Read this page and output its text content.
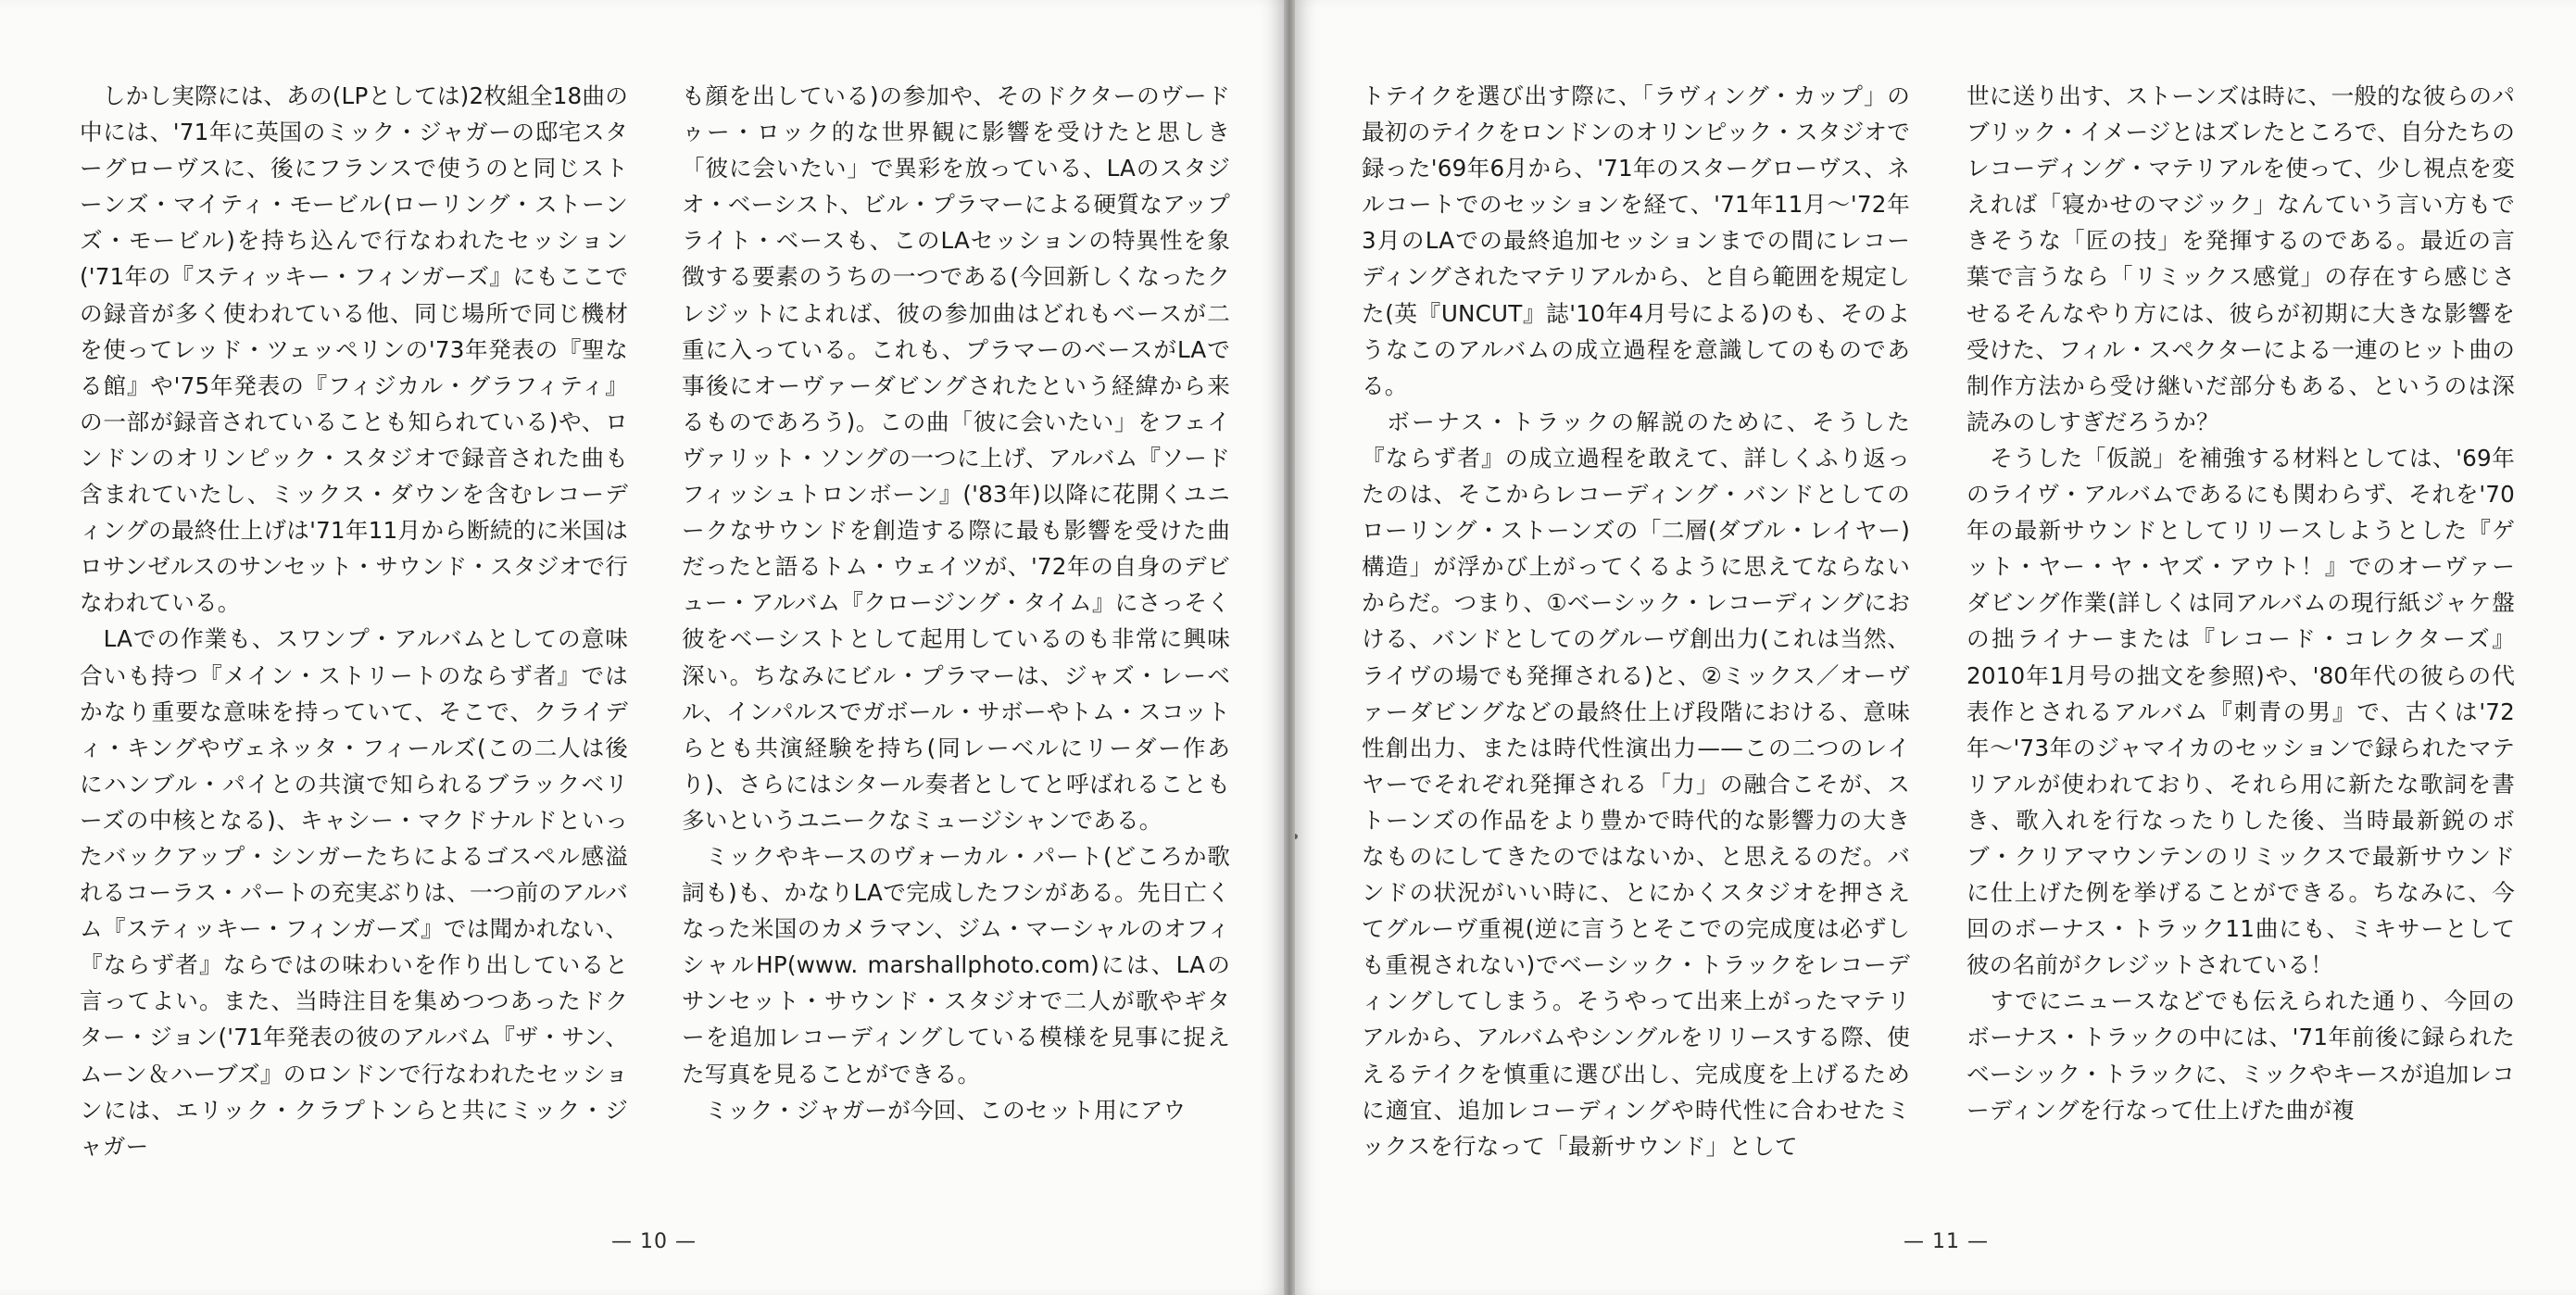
　しかし実際には、あの(LPとしては)2枚組全18曲の中には、'71年に英国のミック・ジャガーの邸宅スターグローヴスに、後にフランスで使うのと同じストーンズ・マイティ・モービル(ローリング・ストーンズ・モービル)を持ち込んで行なわれたセッション('71年の『スティッキー・フィンガーズ』にもここでの録音が多く使われている他、同じ場所で同じ機材を使ってレッド・ツェッペリンの'73年発表の『聖なる館』や'75年発表の『フィジカル・グラフィティ』の一部が録音されていることも知られている)や、ロンドンのオリンピック・スタジオで録音された曲も含まれていたし、ミックス・ダウンを含むレコーディングの最終仕上げは'71年11月から断続的に米国はロサンゼルスのサンセット・サウンド・スタジオで行なわれている。

　LAでの作業も、スワンプ・アルバムとしての意味合いも持つ『メイン・ストリートのならず者』ではかなり重要な意味を持っていて、そこで、クライディ・キングやヴェネッタ・フィールズ(この二人は後にハンブル・パイとの共演で知られるブラックベリーズの中核となる)、キャシー・マクドナルドといったバックアップ・シンガーたちによるゴスペル感溢れるコーラス・パートの充実ぶりは、一つ前のアルバム『スティッキー・フィンガーズ』では聞かれない、『ならず者』ならではの味わいを作り出していると言ってよい。また、当時注目を集めつつあったドクター・ジョン('71年発表の彼のアルバム『ザ・サン、ムーン＆ハーブズ』のロンドンで行なわれたセッションには、エリック・クラプトンらと共にミック・ジャガー

も顔を出している)の参加や、そのドクターのヴードゥー・ロック的な世界観に影響を受けたと思しき「彼に会いたい」で異彩を放っている、LAのスタジオ・ベーシスト、ビル・プラマーによる硬質なアップライト・ベースも、このLAセッションの特異性を象徴する要素のうちの一つである(今回新しくなったクレジットによれば、彼の参加曲はどれもベースが二重に入っている。これも、プラマーのベースがLAで事後にオーヴァーダビングされたという経緯から来るものであろう)。この曲「彼に会いたい」をフェイヴァリット・ソングの一つに上げ、アルバム『ソードフィッシュトロンボーン』('83年)以降に花開くユニークなサウンドを創造する際に最も影響を受けた曲だったと語るトム・ウェイツが、'72年の自身のデビュー・アルバム『クロージング・タイム』にさっそく彼をベーシストとして起用しているのも非常に興味深い。ちなみにビル・プラマーは、ジャズ・レーベル、インパルスでガボール・サボーやトム・スコットらとも共演経験を持ち(同レーベルにリーダー作あり)、さらにはシタール奏者としてと呼ばれることも多いというユニークなミュージシャンである。

　ミックやキースのヴォーカル・パート(どころか歌詞も)も、かなりLAで完成したフシがある。先日亡くなった米国のカメラマン、ジム・マーシャルのオフィシャルHP(www. marshallphoto.com)には、LAのサンセット・サウンド・スタジオで二人が歌やギターを追加レコーディングしている模様を見事に捉えた写真を見ることができる。

　ミック・ジャガーが今回、このセット用にアウ

— 10 —

トテイクを選び出す際に、「ラヴィング・カップ」の最初のテイクをロンドンのオリンピック・スタジオで録った'69年6月から、'71年のスターグローヴス、ネルコートでのセッションを経て、'71年11月〜'72年3月のLAでの最終追加セッションまでの間にレコーディングされたマテリアルから、と自ら範囲を規定した(英『UNCUT』誌'10年4月号による)のも、そのようなこのアルバムの成立過程を意識してのものである。

　ボーナス・トラックの解説のために、そうした『ならず者』の成立過程を敢えて、詳しくふり返ったのは、そこからレコーディング・バンドとしてのローリング・ストーンズの「二層(ダブル・レイヤー)構造」が浮かび上がってくるように思えてならないからだ。つまり、①ベーシック・レコーディングにおける、バンドとしてのグルーヴ創出力(これは当然、ライヴの場でも発揮される)と、②ミックス／オーヴァーダビングなどの最終仕上げ段階における、意味性創出力、または時代性演出力——この二つのレイヤーでそれぞれ発揮される「力」の融合こそが、ストーンズの作品をより豊かで時代的な影響力の大きなものにしてきたのではないか、と思えるのだ。バンドの状況がいい時に、とにかくスタジオを押さえてグルーヴ重視(逆に言うとそこでの完成度は必ずしも重視されない)でベーシック・トラックをレコーディングしてしまう。そうやって出来上がったマテリアルから、アルバムやシングルをリリースする際、使えるテイクを慎重に選び出し、完成度を上げるために適宜、追加レコーディングや時代性に合わせたミックスを行なって「最新サウンド」として

世に送り出す、ストーンズは時に、一般的な彼らのパブリック・イメージとはズレたところで、自分たちのレコーディング・マテリアルを使って、少し視点を変えれば「寝かせのマジック」なんていう言い方もできそうな「匠の技」を発揮するのである。最近の言葉で言うなら「リミックス感覚」の存在すら感じさせるそんなやり方には、彼らが初期に大きな影響を受けた、フィル・スペクターによる一連のヒット曲の制作方法から受け継いだ部分もある、というのは深読みのしすぎだろうか？

　そうした「仮説」を補強する材料としては、'69年のライヴ・アルバムであるにも関わらず、それを'70年の最新サウンドとしてリリースしようとした『ゲット・ヤー・ヤ・ヤズ・アウト！』でのオーヴァーダビング作業(詳しくは同アルバムの現行紙ジャケ盤の拙ライナーまたは『レコード・コレクターズ』2010年1月号の拙文を参照)や、'80年代の彼らの代表作とされるアルバム『刺青の男』で、古くは'72年〜'73年のジャマイカのセッションで録られたマテリアルが使われており、それら用に新たな歌詞を書き、歌入れを行なったりした後、当時最新鋭のボブ・クリアマウンテンのリミックスで最新サウンドに仕上げた例を挙げることができる。ちなみに、今回のボーナス・トラック11曲にも、ミキサーとして彼の名前がクレジットされている！

　すでにニュースなどでも伝えられた通り、今回のボーナス・トラックの中には、'71年前後に録られたベーシック・トラックに、ミックやキースが追加レコーディングを行なって仕上げた曲が複

— 11 —
